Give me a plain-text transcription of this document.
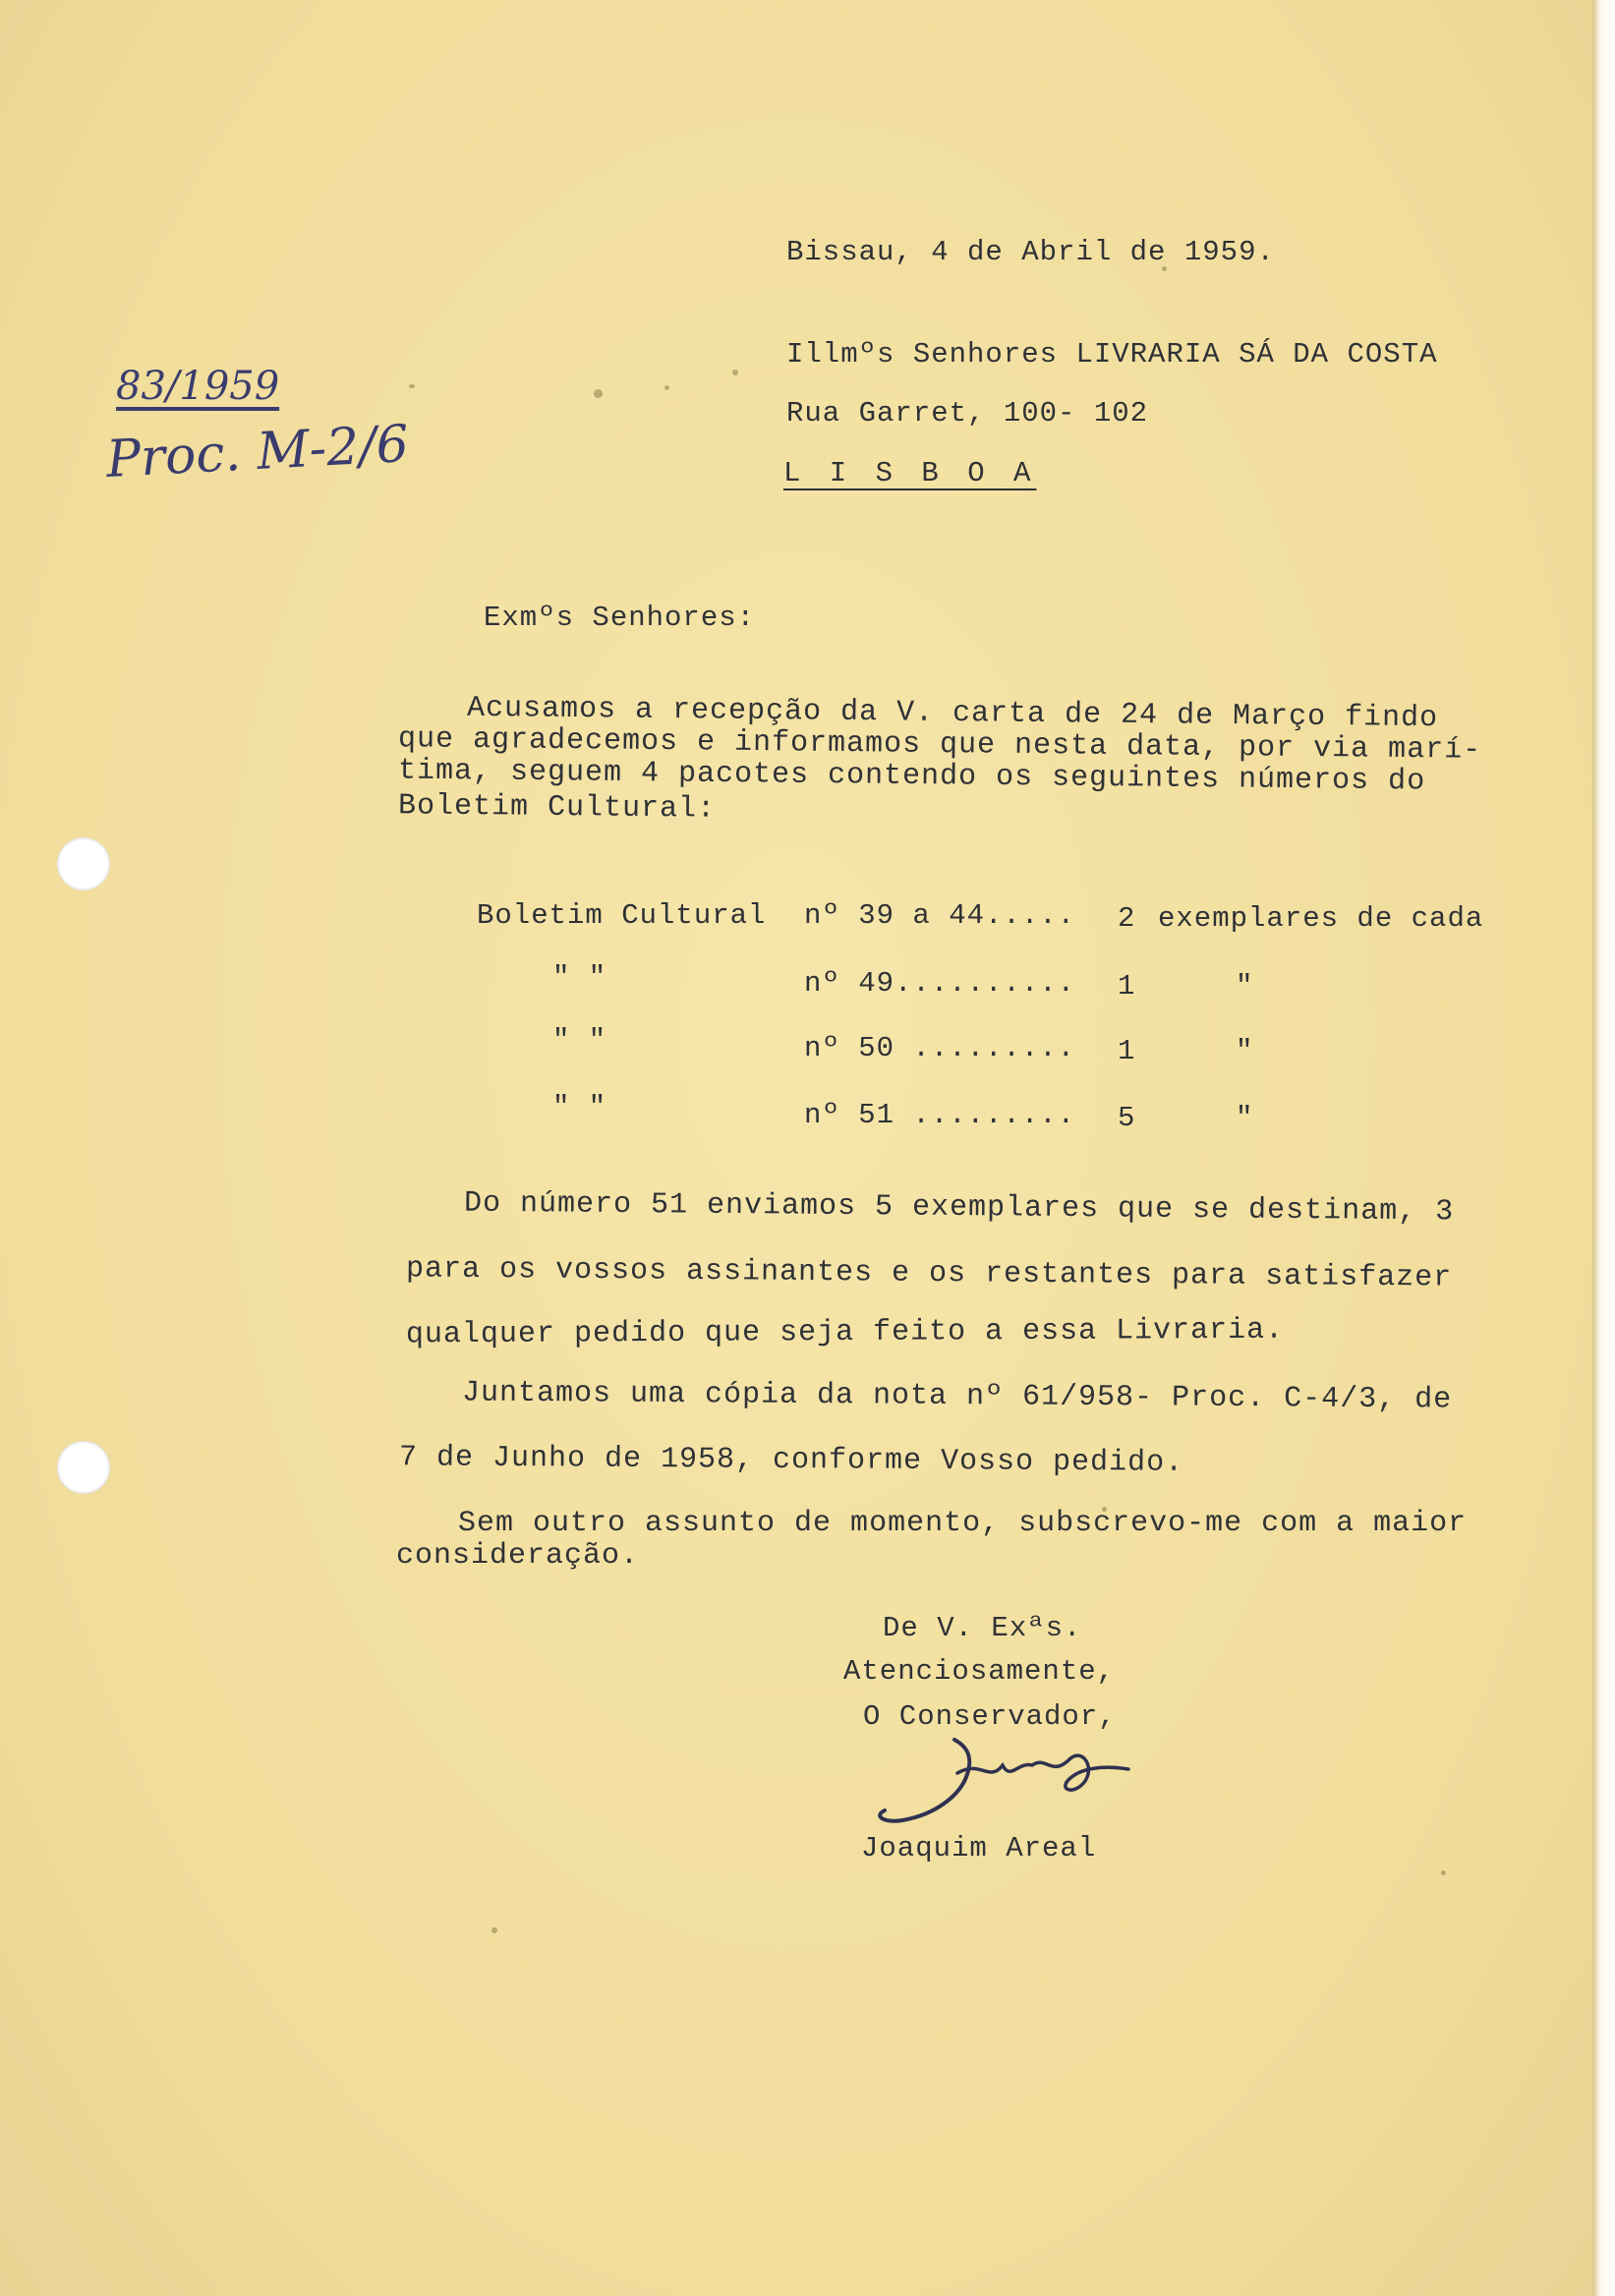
83/1959
Proc. M-2/6
Bissau, 4 de Abril de 1959.
Illmºs Senhores LIVRARIA SÁ DA COSTA
Rua Garret, 100- 102
L I S B O A
Exmºs Senhores:
Acusamos a recepção da V. carta de 24 de Março findo
que agradecemos e informamos que nesta data, por via marí-
tima, seguem 4 pacotes contendo os seguintes números do
Boletim Cultural:
Boletim Cultural nº 39 a 44..... 2 exemplares de cada
" "	nº 49.......... 1	"
" "	nº 50 ......... 1	"
" "	nº 51 ......... 5	"
Do número 51 enviamos 5 exemplares que se destinam, 3
para os vossos assinantes e os restantes para satisfazer
qualquer pedido que seja feito a essa Livraria.
Juntamos uma cópia da nota nº 61/958- Proc. C-4/3, de
7 de Junho de 1958, conforme Vosso pedido.
Sem outro assunto de momento, subscrevo-me com a maior
consideração.
De V. Exªs.
Atenciosamente,
O Conservador,
Joaquim Areal
